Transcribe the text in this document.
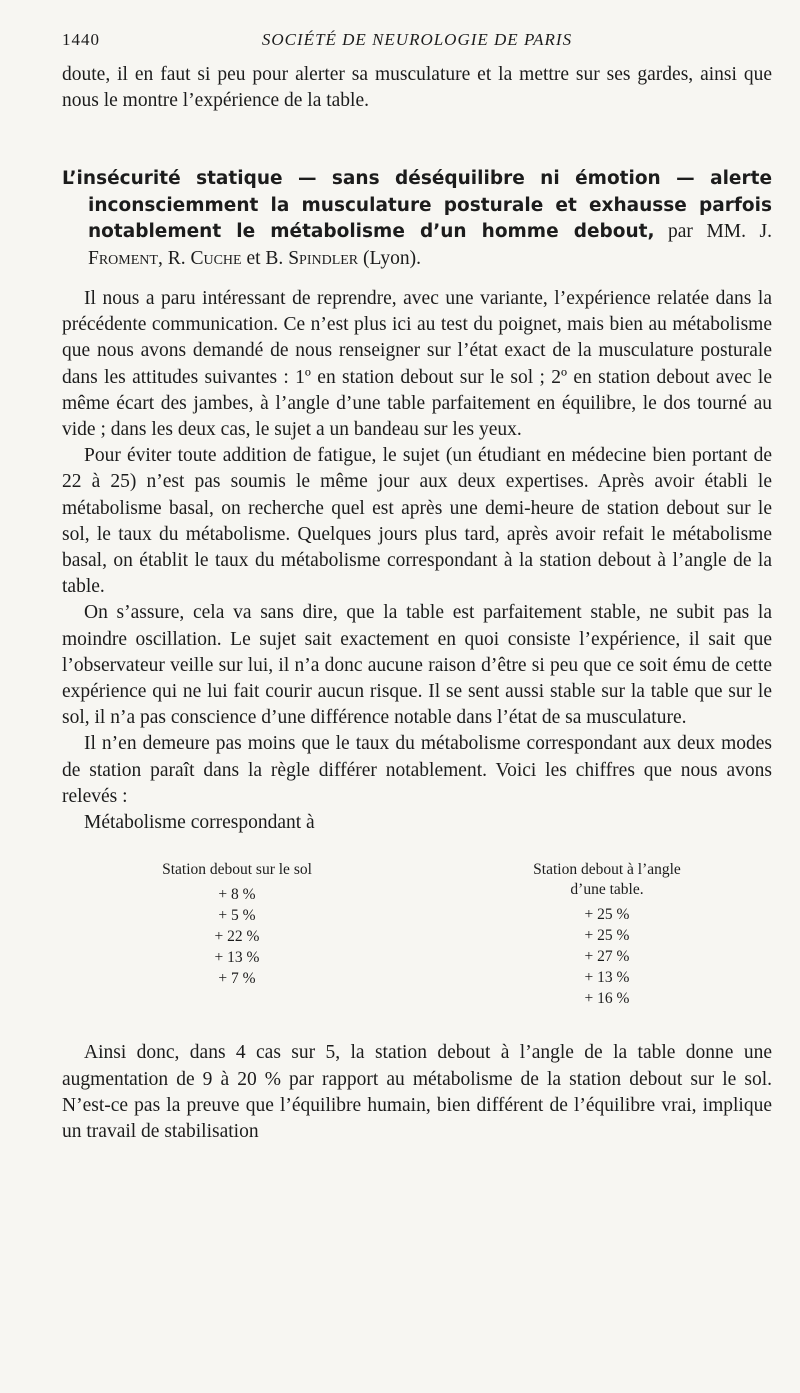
1440	SOCIÉTÉ DE NEUROLOGIE DE PARIS

doute, il en faut si peu pour alerter sa musculature et la mettre sur ses gardes, ainsi que nous le montre l’expérience de la table.

L’insécurité statique — sans déséquilibre ni émotion — alerte inconsciemment la musculature posturale et exhausse parfois notablement le métabolisme d’un homme debout, par MM. J. Froment, R. Cuche et B. Spindler (Lyon).

Il nous a paru intéressant de reprendre, avec une variante, l’expérience relatée dans la précédente communication. Ce n’est plus ici au test du poignet, mais bien au métabolisme que nous avons demandé de nous renseigner sur l’état exact de la musculature posturale dans les attitudes suivantes : 1º en station debout sur le sol ; 2º en station debout avec le même écart des jambes, à l’angle d’une table parfaitement en équilibre, le dos tourné au vide ; dans les deux cas, le sujet a un bandeau sur les yeux.

Pour éviter toute addition de fatigue, le sujet (un étudiant en médecine bien portant de 22 à 25) n’est pas soumis le même jour aux deux expertises. Après avoir établi le métabolisme basal, on recherche quel est après une demi-heure de station debout sur le sol, le taux du métabolisme. Quelques jours plus tard, après avoir refait le métabolisme basal, on établit le taux du métabolisme correspondant à la station debout à l’angle de la table.

On s’assure, cela va sans dire, que la table est parfaitement stable, ne subit pas la moindre oscillation. Le sujet sait exactement en quoi consiste l’expérience, il sait que l’observateur veille sur lui, il n’a donc aucune raison d’être si peu que ce soit ému de cette expérience qui ne lui fait courir aucun risque. Il se sent aussi stable sur la table que sur le sol, il n’a pas conscience d’une différence notable dans l’état de sa musculature.

Il n’en demeure pas moins que le taux du métabolisme correspondant aux deux modes de station paraît dans la règle différer notablement. Voici les chiffres que nous avons relevés :

Métabolisme correspondant à

Station debout sur le sol
+ 8 %
+ 5 %
+ 22 %
+ 13 %
+ 7 %
Station debout à l’angle
d’une table.
+ 25 %
+ 25 %
+ 27 %
+ 13 %
+ 16 %

Ainsi donc, dans 4 cas sur 5, la station debout à l’angle de la table donne une augmentation de 9 à 20 % par rapport au métabolisme de la station debout sur le sol. N’est-ce pas la preuve que l’équilibre humain, bien différent de l’équilibre vrai, implique un travail de stabilisation
